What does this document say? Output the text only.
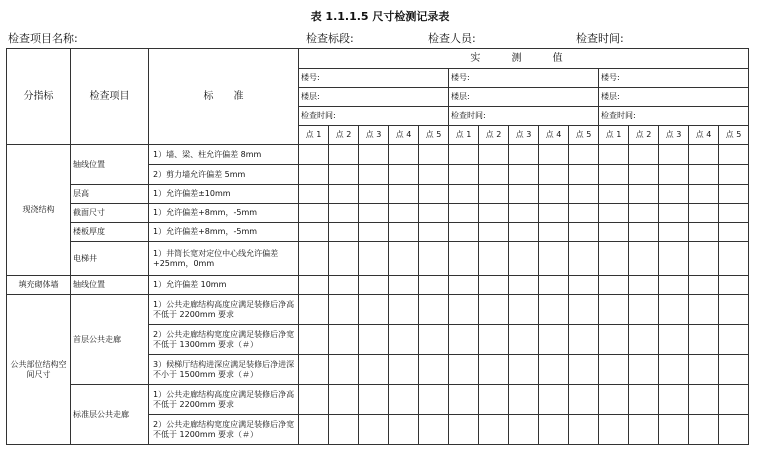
表 1.1.1.5 尺寸检测记录表
检查项目名称:	检查标段:	检查人员:	检查时间:
分指标	检查项目	标　　准	实 测 值														
			楼号:					楼号:					楼号:				
			楼层:					楼层:					楼层:				
			检查时间:					检查时间:					检查时间:				
			点 1	点 2	点 3	点 4	点 5	点 1	点 2	点 3	点 4	点 5	点 1	点 2	点 3	点 4	点 5
现浇结构	轴线位置	1）墙、梁、柱允许偏差 8mm															
		2）剪力墙允许偏差 5mm															
	层高	1）允许偏差±10mm															
	截面尺寸	1）允许偏差+8mm，-5mm															
	楼板厚度	1）允许偏差+8mm，-5mm															
	电梯井	1）井筒长宽对定位中心线允许偏差+25mm，0mm															
填充砌体墙	轴线位置	1）允许偏差 10mm															
公共部位结构空间尺寸	首层公共走廊	1）公共走廊结构高度应满足装修后净高不低于 2200mm 要求															
		2）公共走廊结构宽度应满足装修后净宽不低于 1300mm 要求（＃）															
		3）候梯厅结构进深应满足装修后净进深不小于 1500mm 要求（＃）															
	标准层公共走廊	1）公共走廊结构高度应满足装修后净高不低于 2200mm 要求															
		2）公共走廊结构宽度应满足装修后净宽不低于 1200mm 要求（＃）															
